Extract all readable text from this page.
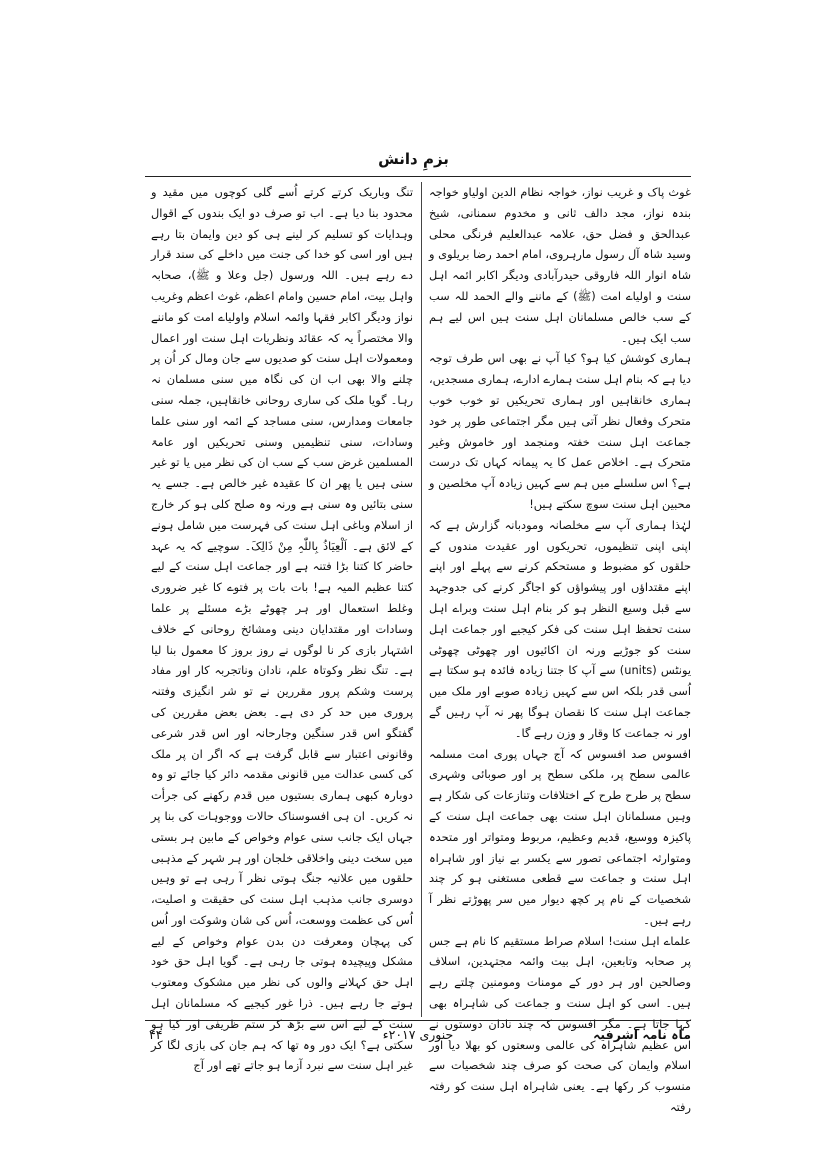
بزمِ دانش

غوث پاک و غریب نواز، خواجہ نظام الدین اولیاو خواجہ بندہ نواز، مجد دالف ثانی و مخدوم سمنانی، شیخ عبدالحق و فضل حق، علامہ عبدالعلیم فرنگی محلی وسید شاہ آل رسول مارہروی، امام احمد رضا بریلوی و شاہ انوار اللہ فاروقی حیدرآبادی ودیگر اکابر ائمہ اہل سنت و اولیاے امت (ﷺ) کے ماننے والے الحمد للہ سب کے سب خالص مسلمانان اہل سنت ہیں اس لیے ہم سب ایک ہیں۔

ہماری کوشش کیا ہو؟ کیا آپ نے بھی اس طرف توجہ دیا ہے کہ بنام اہل سنت ہمارے ادارے، ہماری مسجدیں، ہماری خانقاہیں اور ہماری تحریکیں تو خوب خوب متحرک وفعال نظر آتی ہیں مگر اجتماعی طور پر خود جماعت اہل سنت خفتہ ومنجمد اور خاموش وغیر متحرک ہے۔ اخلاص عمل کا یہ پیمانہ کہاں تک درست ہے؟ اس سلسلے میں ہم سے کہیں زیادہ آپ مخلصین و محبین اہل سنت سوچ سکتے ہیں!

لہٰذا ہماری آپ سے مخلصانہ ومودبانہ گزارش ہے کہ اپنی اپنی تنظیموں، تحریکوں اور عقیدت مندوں کے حلقوں کو مضبوط و مستحکم کرنے سے پہلے اور اپنے اپنے مقتداؤں اور پیشواؤں کو اجاگر کرنے کی جدوجہد سے قبل وسیع النظر ہو کر بنام اہل سنت وبراے اہل سنت تحفظ اہل سنت کی فکر کیجیے اور جماعت اہل سنت کو جوڑیے ورنہ ان اکائیوں اور چھوٹی چھوٹی یونٹس (units) سے آپ کا جتنا زیادہ فائدہ ہو سکتا ہے اُسی قدر بلکہ اس سے کہیں زیادہ صوبے اور ملک میں جماعت اہل سنت کا نقصان ہوگا پھر نہ آپ رہیں گے اور نہ جماعت کا وقار و وزن رہے گا۔

افسوس صد افسوس کہ آج جہاں پوری امت مسلمہ عالمی سطح پر، ملکی سطح پر اور صوبائی وشہری سطح پر طرح طرح کے اختلافات وتنازعات کی شکار ہے وہیں مسلمانان اہل سنت بھی جماعت اہل سنت کے پاکیزہ ووسیع، قدیم وعظیم، مربوط ومتواتر اور متحدہ ومتوارثہ اجتماعی تصور سے یکسر بے نیاز اور شاہراہ اہل سنت و جماعت سے قطعی مستغنی ہو کر چند شخصیات کے نام پر کچھ دیوار میں سر پھوڑتے نظر آ رہے ہیں۔

علماے اہل سنت! اسلام صراط مستقیم کا نام ہے جس پر صحابہ وتابعین، اہل بیت وائمہ مجتہدین، اسلاف وصالحین اور ہر دور کے مومنات ومومنین چلتے رہے ہیں۔ اسی کو اہل سنت و جماعت کی شاہراہ بھی کہا جاتا ہے۔ مگر افسوس کہ چند نادان دوستوں نے اس عظیم شاہراہ کی عالمی وسعتوں کو بھلا دیا اور اسلام وایمان کی صحت کو صرف چند شخصیات سے منسوب کر رکھا ہے۔ یعنی شاہراہ اہل سنت کو رفتہ رفتہ

تنگ وباریک کرتے کرتے اُسے گلی کوچوں میں مقید و محدود بنا دیا ہے۔ اب تو صرف دو ایک بندوں کے اقوال وہدایات کو تسلیم کر لینے ہی کو دین وایمان بتا رہے ہیں اور اسی کو خدا کی جنت میں داخلے کی سند قرار دے رہے ہیں۔ اللہ ورسول (جل وعلا و ﷺ)، صحابہ واہل بیت، امام حسین وامام اعظم، غوث اعظم وغریب نواز ودیگر اکابر فقہا وائمہ اسلام واولیاے امت کو ماننے والا مختصراً یہ کہ عقائد ونظریات اہل سنت اور اعمال ومعمولات اہل سنت کو صدیوں سے جان ومال کر اُن پر چلنے والا بھی اب ان کی نگاہ میں سنی مسلمان نہ رہا۔ گویا ملک کی ساری روحانی خانقاہیں، جملہ سنی جامعات ومدارس، سنی مساجد کے ائمہ اور سنی علما وسادات، سنی تنظیمیں وسنی تحریکیں اور عامۃ المسلمین غرض سب کے سب ان کی نظر میں یا تو غیر سنی ہیں یا پھر ان کا عقیدہ غیر خالص ہے۔ جسے یہ سنی بتائیں وہ سنی ہے ورنہ وہ صلح کلی ہو کر خارج از اسلام وباغی اہل سنت کی فہرست میں شامل ہونے کے لائق ہے۔ اَلْعِیَاذُ بِاللّٰہِ مِنْ ذَالِکَ۔ سوچیے کہ یہ عہد حاضر کا کتنا بڑا فتنہ ہے اور جماعت اہل سنت کے لیے کتنا عظیم المیہ ہے! بات بات پر فتوے کا غیر ضروری وغلط استعمال اور ہر چھوٹے بڑے مسئلے پر علما وسادات اور مقتدایان دینی ومشائخ روحانی کے خلاف اشتہار بازی کر نا لوگوں نے روز بروز کا معمول بنا لیا ہے۔ تنگ نظر وکوتاہ علم، نادان وناتجربہ کار اور مفاد پرست وشکم پرور مقررین نے تو شر انگیزی وفتنہ پروری میں حد کر دی ہے۔ بعض بعض مقررین کی گفتگو اس قدر سنگین وجارحانہ اور اس قدر شرعی وقانونی اعتبار سے قابل گرفت ہے کہ اگر ان پر ملک کی کسی عدالت میں قانونی مقدمہ دائر کیا جائے تو وہ دوبارہ کبھی ہماری بستیوں میں قدم رکھنے کی جرأت نہ کریں۔ ان ہی افسوسناک حالات ووجوہات کی بنا پر جہاں ایک جانب سنی عوام وخواص کے مابین ہر بستی میں سخت دینی واخلاقی خلجان اور ہر شہر کے مذہبی حلقوں میں علانیہ جنگ ہوتی نظر آ رہی ہے تو وہیں دوسری جانب مذہب اہل سنت کی حقیقت و اصلیت، اُس کی عظمت ووسعت، اُس کی شان وشوکت اور اُس کی پہچان ومعرفت دن بدن عوام وخواص کے لیے مشکل وپیچیدہ ہوتی جا رہی ہے۔ گویا اہل حق خود اہل حق کہلانے والوں کی نظر میں مشکوک ومعتوب ہوتے جا رہے ہیں۔ ذرا غور کیجیے کہ مسلمانان اہل سنت کے لیے اس سے بڑھ کر ستم ظریفی اور کیا ہو سکتی ہے؟ ایک دور وہ تھا کہ ہم جان کی بازی لگا کر غیر اہل سنت سے نبرد آزما ہو جاتے تھے اور آج

ماہ نامہ اشرفیہ
جنوری ۲۰۱۷ء
۴۴
